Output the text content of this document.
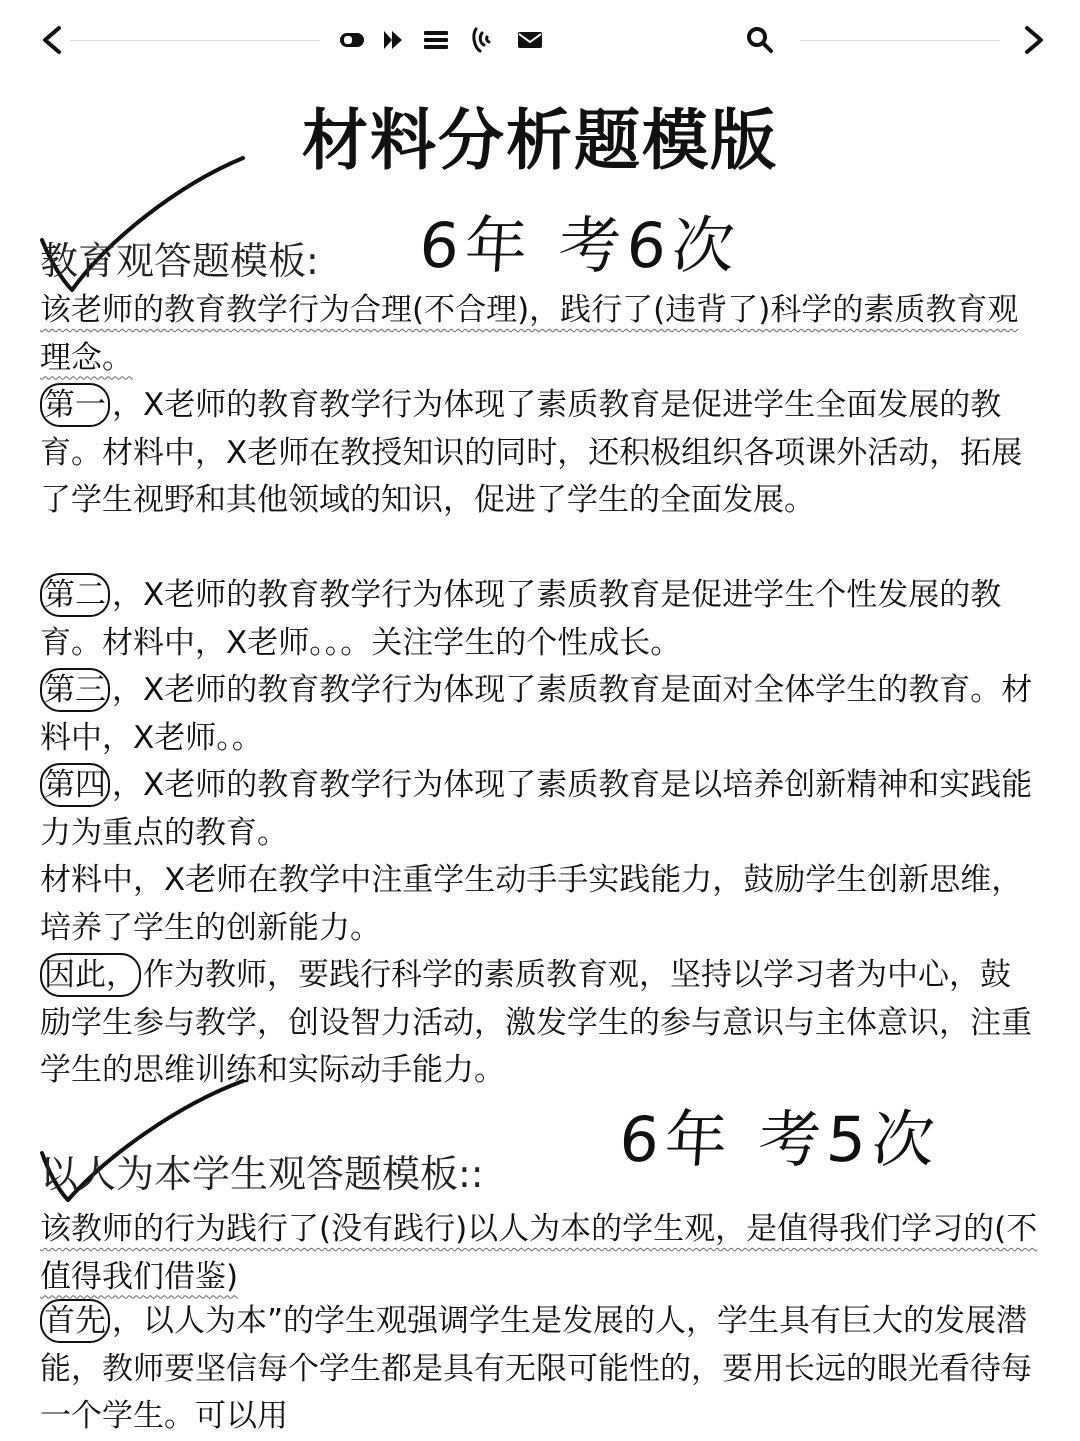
材料分析题模版
6年 考6次
教育观答题模板:
该老师的教育教学行为合理(不合理)，践行了(违背了)科学的素质教育观理念。
第一 ，X老师的教育教学行为体现了素质教育是促进学生全面发展的教育。材料中，X老师在教授知识的同时，还积极组织各项课外活动，拓展了学生视野和其他领域的知识，促进了学生的全面发展。
第二 ，X老师的教育教学行为体现了素质教育是促进学生个性发展的教育。材料中，X老师。。。关注学生的个性成长。
第三 ，X老师的教育教学行为体现了素质教育是面对全体学生的教育。材料中，X老师。。
第四 ，X老师的教育教学行为体现了素质教育是以培养创新精神和实践能力为重点的教育。
材料中，X老师在教学中注重学生动手手实践能力，鼓励学生创新思维，培养了学生的创新能力。
因此， 作为教师，要践行科学的素质教育观，坚持以学习者为中心，鼓励学生参与教学，创设智力活动，激发学生的参与意识与主体意识，注重学生的思维训练和实际动手能力。
6年 考5次
以人为本学生观答题模板::
该教师的行为践行了(没有践行)以人为本的学生观，是值得我们学习的(不值得我们借鉴)
首先 ，以人为本”的学生观强调学生是发展的人，学生具有巨大的发展潜能，教师要坚信每个学生都是具有无限可能性的，要用长远的眼光看待每一个学生。可以用
